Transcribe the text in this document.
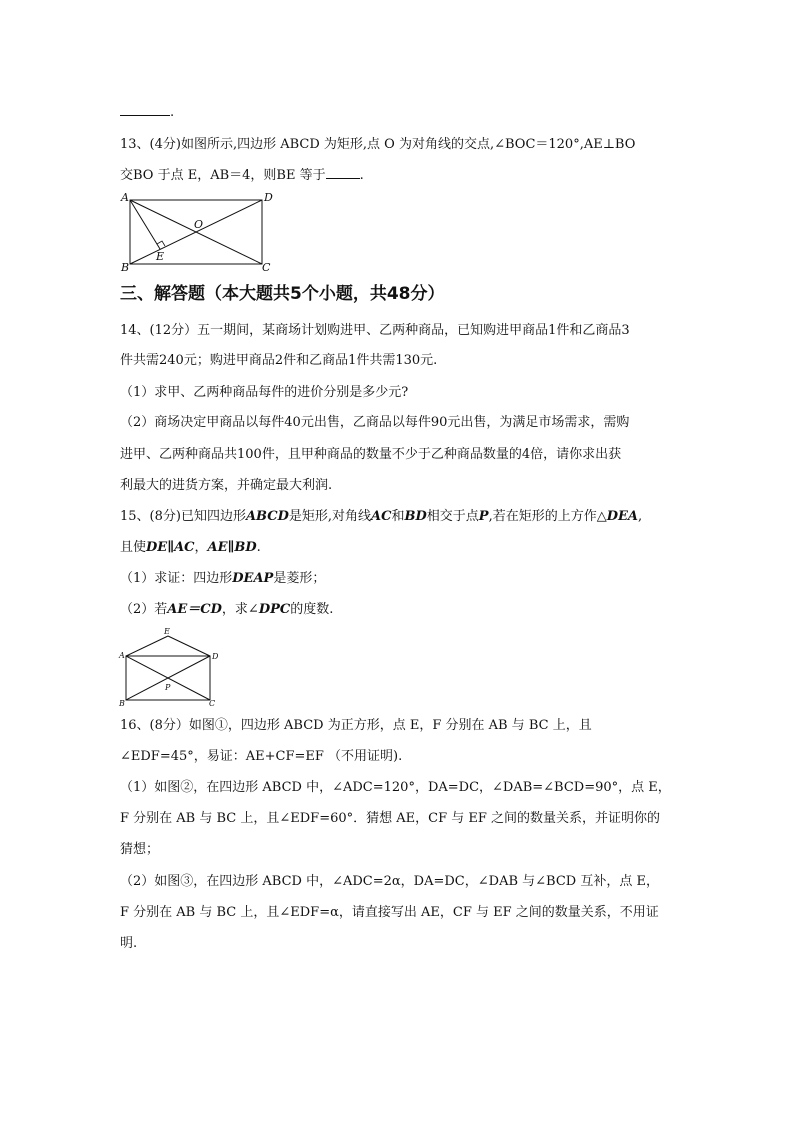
.
13、(4分)如图所示,四边形 ABCD 为矩形,点 O 为对角线的交点,∠BOC＝120°,AE⊥BO
交BO 于点 E，AB＝4，则BE 等于	.
A
B	C
D
O
E
三、解答题（本大题共5个小题，共48分）
14、(12分）五一期间，某商场计划购进甲、乙两种商品，已知购进甲商品1件和乙商品3
件共需240元；购进甲商品2件和乙商品1件共需130元.
（1）求甲、乙两种商品每件的进价分别是多少元?
（2）商场决定甲商品以每件40元出售，乙商品以每件90元出售，为满足市场需求，需购
进甲、乙两种商品共100件，且甲种商品的数量不少于乙种商品数量的4倍，请你求出获
利最大的进货方案，并确定最大利润.
15、(8分)已知四边形ABCD是矩形,对角线AC和BD相交于点P,若在矩形的上方作△DEA,
且使DE∥AC，AE∥BD.
（1）求证：四边形DEAP是菱形；
（2）若AE＝CD，求∠DPC的度数.
E
A	D
B	C
P
16、(8分）如图①，四边形 ABCD 为正方形，点 E，F 分别在 AB 与 BC 上，且
∠EDF=45°，易证：AE+CF=EF （不用证明).
（1）如图②，在四边形 ABCD 中，∠ADC=120°，DA=DC，∠DAB=∠BCD=90°，点 E，
F 分别在 AB 与 BC 上，且∠EDF=60°．猜想 AE，CF 与 EF 之间的数量关系，并证明你的
猜想；
（2）如图③，在四边形 ABCD 中，∠ADC=2α，DA=DC，∠DAB 与∠BCD 互补，点 E，
F 分别在 AB 与 BC 上，且∠EDF=α，请直接写出 AE，CF 与 EF 之间的数量关系，不用证
明.
